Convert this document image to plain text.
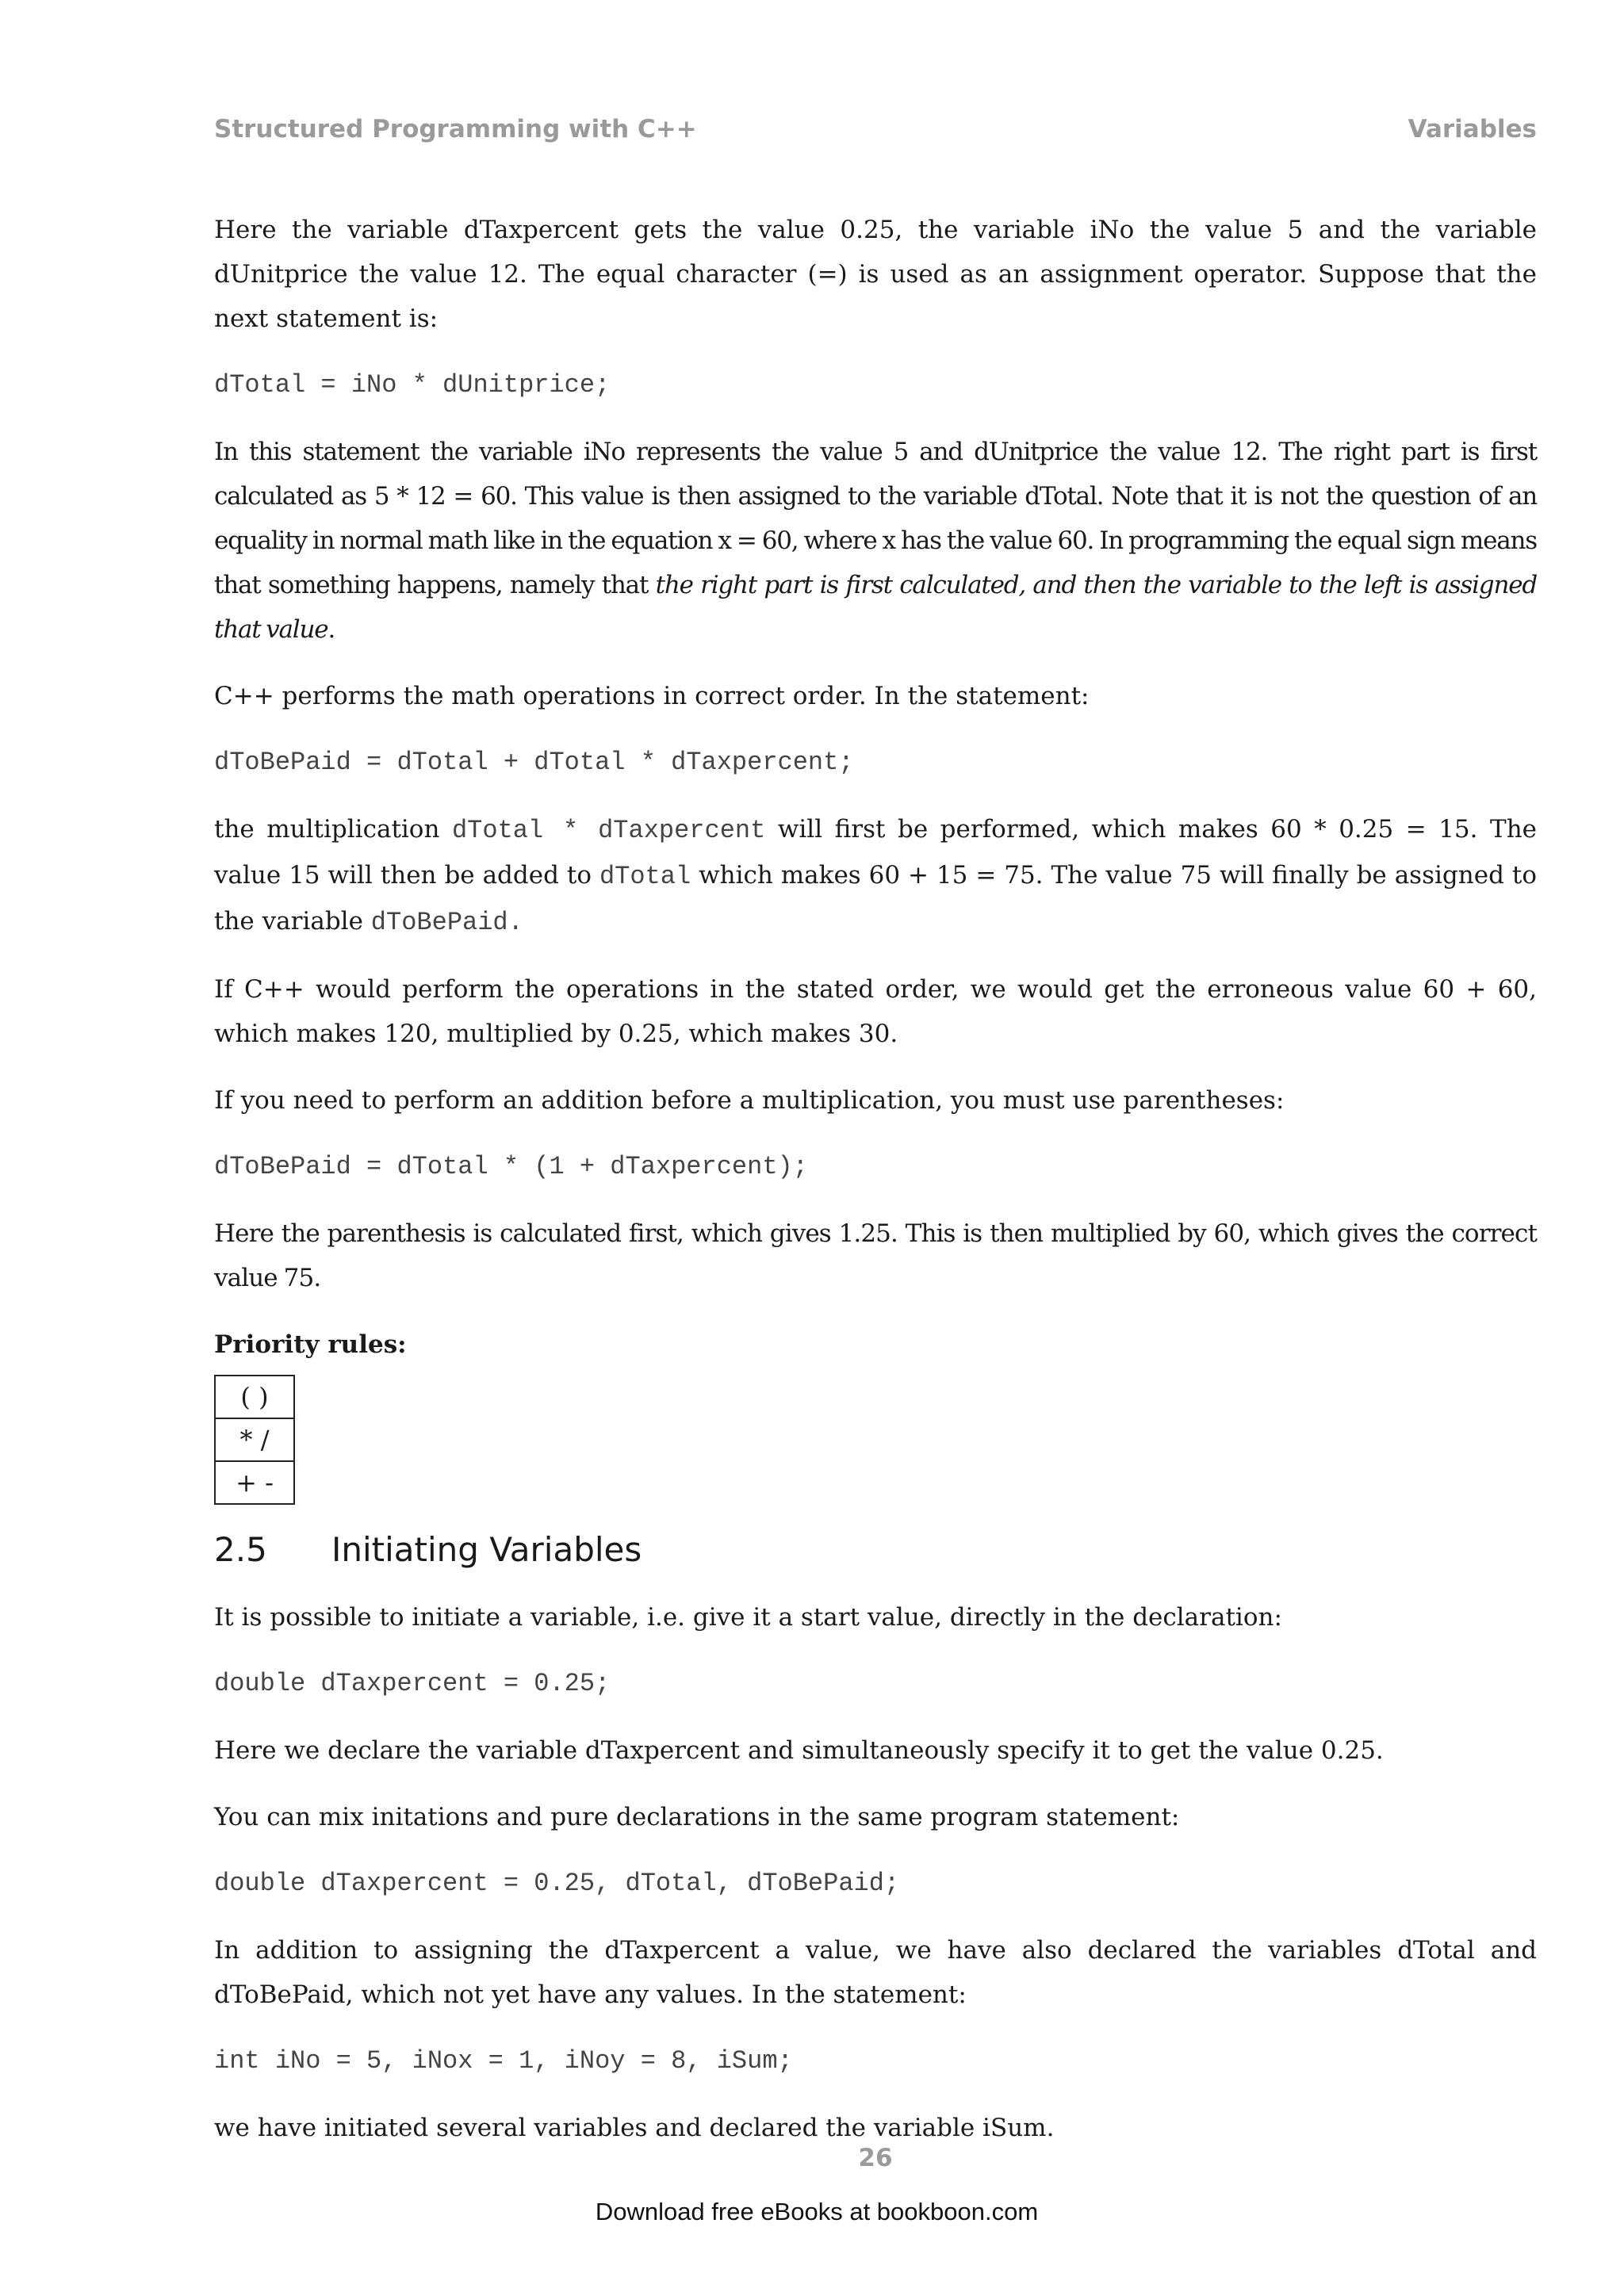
Structured Programming with C++	Variables

Here the variable dTaxpercent gets the value 0.25, the variable iNo the value 5 and the variable dUnitprice the value 12. The equal character (=) is used as an assignment operator. Suppose that the next statement is:

dTotal = iNo * dUnitprice;

In this statement the variable iNo represents the value 5 and dUnitprice the value 12. The right part is first calculated as 5 * 12 = 60. This value is then assigned to the variable dTotal. Note that it is not the question of an equality in normal math like in the equation x = 60, where x has the value 60. In programming the equal sign means that something happens, namely that the right part is first calculated, and then the variable to the left is assigned that value.

C++ performs the math operations in correct order. In the statement:

dToBePaid = dTotal + dTotal * dTaxpercent;

the multiplication dTotal * dTaxpercent will first be performed, which makes 60 * 0.25 = 15. The value 15 will then be added to dTotal which makes 60 + 15 = 75. The value 75 will finally be assigned to the variable dToBePaid.

If C++ would perform the operations in the stated order, we would get the erroneous value 60 + 60, which makes 120, multiplied by 0.25, which makes 30.

If you need to perform an addition before a multiplication, you must use parentheses:

dToBePaid = dTotal * (1 + dTaxpercent);

Here the parenthesis is calculated first, which gives 1.25. This is then multiplied by 60, which gives the correct value 75.

Priority rules:
( )
* /
+ -
2.5 Initiating Variables

It is possible to initiate a variable, i.e. give it a start value, directly in the declaration:

double dTaxpercent = 0.25;

Here we declare the variable dTaxpercent and simultaneously specify it to get the value 0.25.

You can mix initations and pure declarations in the same program statement:

double dTaxpercent = 0.25, dTotal, dToBePaid;

In addition to assigning the dTaxpercent a value, we have also declared the variables dTotal and dToBePaid, which not yet have any values. In the statement:

int iNo = 5, iNox = 1, iNoy = 8, iSum;

we have initiated several variables and declared the variable iSum.

26
Download free eBooks at bookboon.com
